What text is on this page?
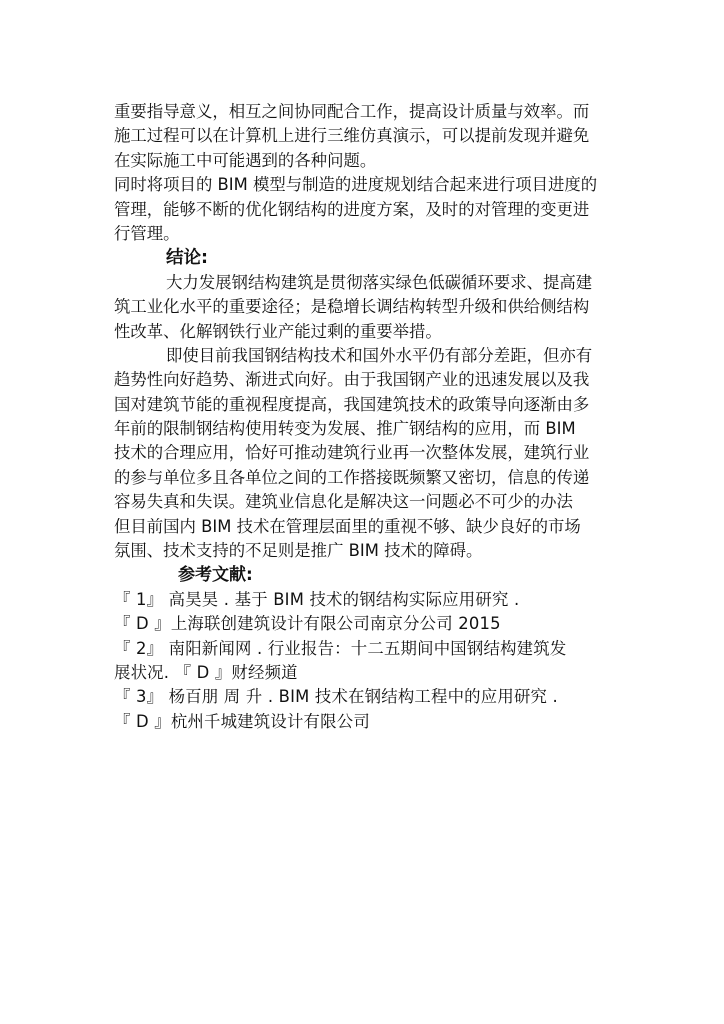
重要指导意义，相互之间协同配合工作，提高设计质量与效率。而
施工过程可以在计算机上进行三维仿真演示，可以提前发现并避免
在实际施工中可能遇到的各种问题。
同时将项目的 BIM 模型与制造的进度规划结合起来进行项目进度的
管理，能够不断的优化钢结构的进度方案，及时的对管理的变更进
行管理。
结论:
大力发展钢结构建筑是贯彻落实绿色低碳循环要求、提高建
筑工业化水平的重要途径；是稳增长调结构转型升级和供给侧结构
性改革、化解钢铁行业产能过剩的重要举措。
即使目前我国钢结构技术和国外水平仍有部分差距，但亦有
趋势性向好趋势、渐进式向好。由于我国钢产业的迅速发展以及我
国对建筑节能的重视程度提高，我国建筑技术的政策导向逐渐由多
年前的限制钢结构使用转变为发展、推广钢结构的应用，而 BIM
技术的合理应用，恰好可推动建筑行业再一次整体发展，建筑行业
的参与单位多且各单位之间的工作搭接既频繁又密切，信息的传递
容易失真和失误。建筑业信息化是解决这一问题必不可少的办法
但目前国内 BIM 技术在管理层面里的重视不够、缺少良好的市场
氛围、技术支持的不足则是推广 BIM 技术的障碍。
参考文献:
『 1』 高昊昊 . 基于 BIM 技术的钢结构实际应用研究 .
『 D 』上海联创建筑设计有限公司南京分公司 2015
『 2』 南阳新闻网 . 行业报告：十二五期间中国钢结构建筑发
展状况. 『 D 』财经频道
『 3』 杨百朋 周 升 . BIM 技术在钢结构工程中的应用研究 .
『 D 』杭州千城建筑设计有限公司
